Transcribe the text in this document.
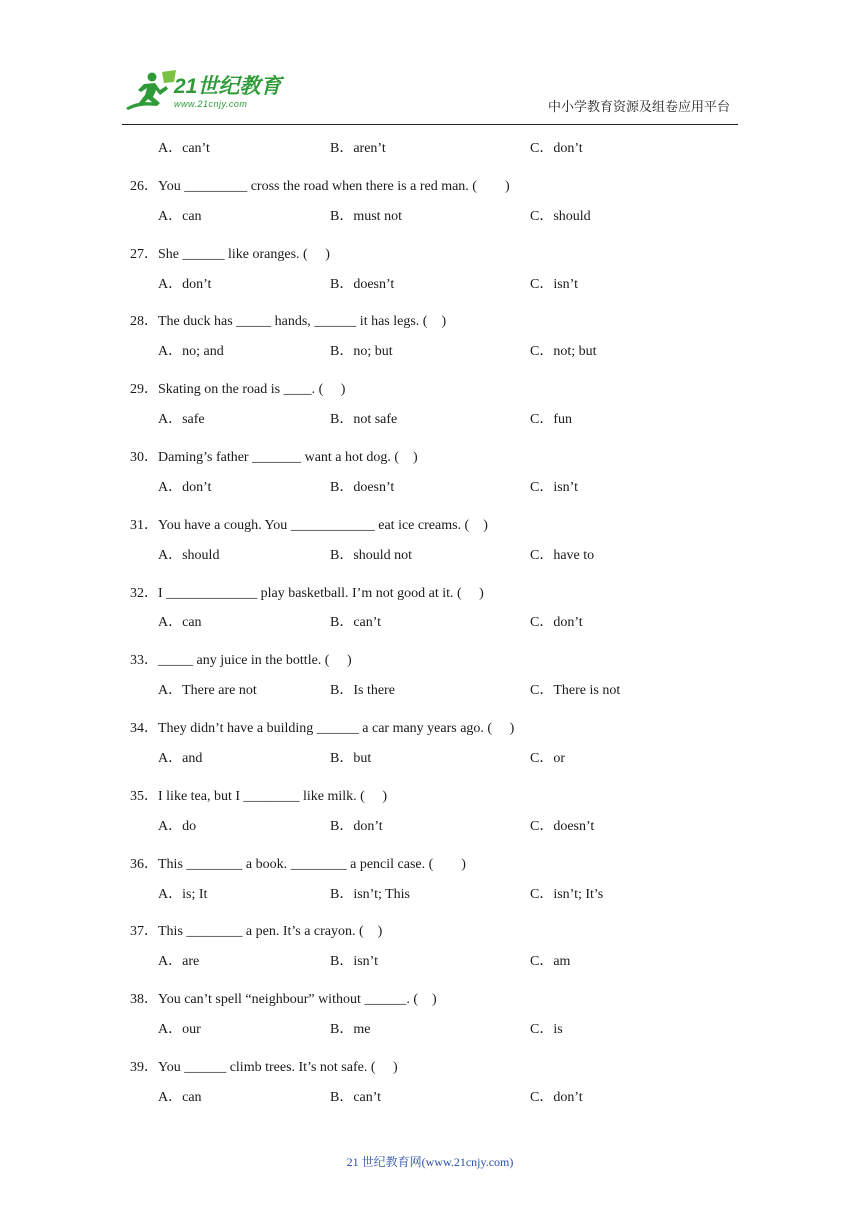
21世纪教育
www.21cnjy.com	中小学教育资源及组卷应用平台
A．can’t	B．aren’t	C．don’t
26．You _________ cross the road when there is a red man. (　　)
A．can	B．must not	C．should
27．She ______ like oranges. (　 )
A．don’t	B．doesn’t	C．isn’t
28．The duck has _____ hands, ______ it has legs. (　)
A．no; and	B．no; but	C．not; but
29．Skating on the road is ____. (　 )
A．safe	B．not safe	C．fun
30．Daming’s father _______ want a hot dog. (　)
A．don’t	B．doesn’t	C．isn’t
31．You have a cough. You ____________ eat ice creams. (　)
A．should	B．should not	C．have to
32．I _____________ play basketball. I’m not good at it. (　 )
A．can	B．can’t	C．don’t
33．_____ any juice in the bottle. (　 )
A．There are not	B．Is there	C．There is not
34．They didn’t have a building ______ a car many years ago. (　 )
A．and	B．but	C．or
35．I like tea, but I ________ like milk. (　 )
A．do	B．don’t	C．doesn’t
36．This ________ a book. ________ a pencil case. (　　)
A．is; It	B．isn’t; This	C．isn’t; It’s
37．This ________ a pen. It’s a crayon. (　)
A．are	B．isn’t	C．am
38．You can’t spell “neighbour” without ______. (　)
A．our	B．me	C．is
39．You ______ climb trees. It’s not safe. (　 )
A．can	B．can’t	C．don’t
21 世纪教育网(www.21cnjy.com)
